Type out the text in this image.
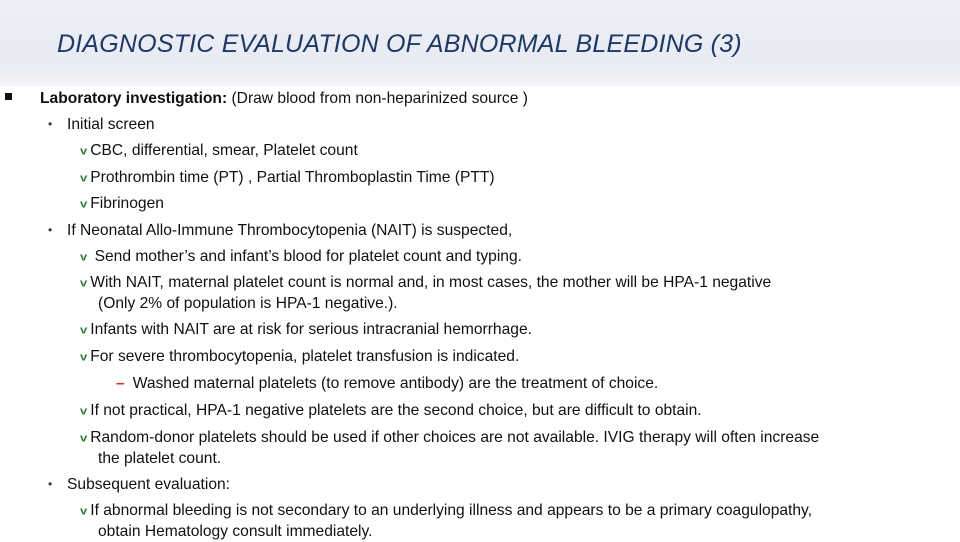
DIAGNOSTIC EVALUATION OF ABNORMAL BLEEDING (3)
Laboratory investigation: (Draw blood from non-heparinized source )
• Initial screen
v CBC, differential, smear, Platelet count
v Prothrombin time (PT) , Partial Thromboplastin Time (PTT)
v Fibrinogen
• If Neonatal Allo-Immune Thrombocytopenia (NAIT) is suspected,
v Send mother’s and infant’s blood for platelet count and typing.
v With NAIT, maternal platelet count is normal and, in most cases, the mother will be HPA-1 negative
(Only 2% of population is HPA-1 negative.).
v Infants with NAIT are at risk for serious intracranial hemorrhage.
v For severe thrombocytopenia, platelet transfusion is indicated.
– Washed maternal platelets (to remove antibody) are the treatment of choice.
v If not practical, HPA-1 negative platelets are the second choice, but are difficult to obtain.
v Random-donor platelets should be used if other choices are not available. IVIG therapy will often increase
the platelet count.
• Subsequent evaluation:
v If abnormal bleeding is not secondary to an underlying illness and appears to be a primary coagulopathy,
obtain Hematology consult immediately.
